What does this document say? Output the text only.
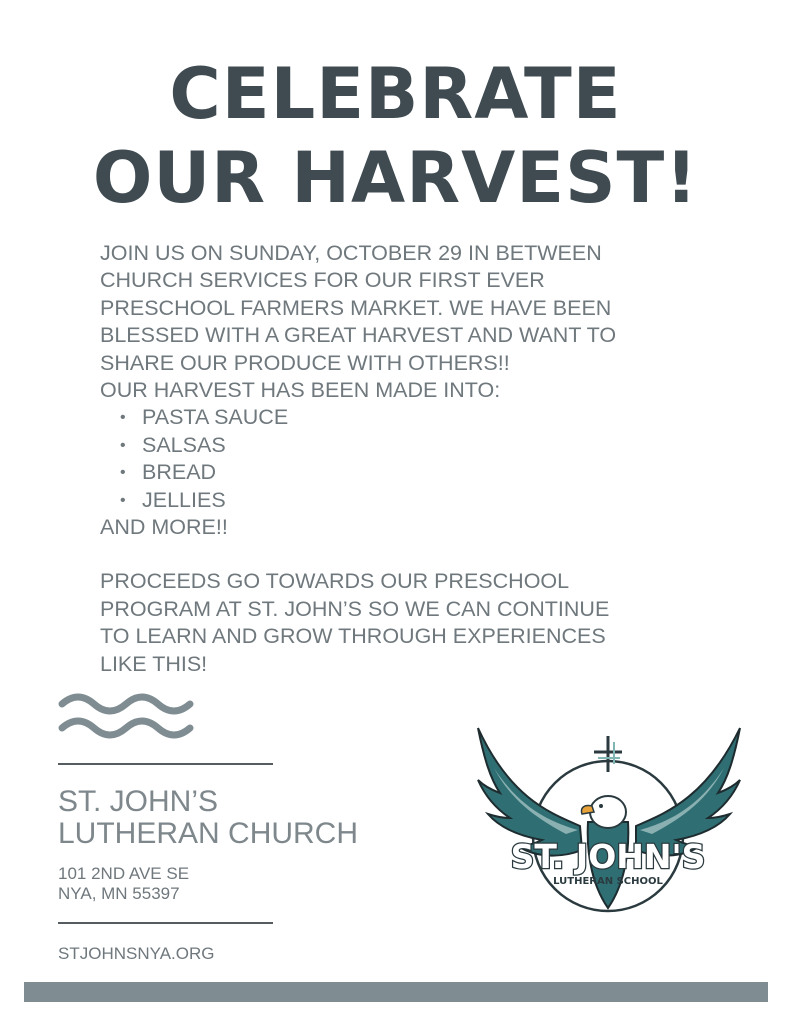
CELEBRATE
OUR HARVEST!

JOIN US ON SUNDAY, OCTOBER 29 IN BETWEEN

CHURCH SERVICES FOR OUR FIRST EVER

PRESCHOOL FARMERS MARKET. WE HAVE BEEN

BLESSED WITH A GREAT HARVEST AND WANT TO

SHARE OUR PRODUCE WITH OTHERS!!

OUR HARVEST HAS BEEN MADE INTO:

• PASTA SAUCE
• SALSAS
• BREAD
• JELLIES

AND MORE!!

PROCEEDS GO TOWARDS OUR PRESCHOOL

PROGRAM AT ST. JOHN’S SO WE CAN CONTINUE

TO LEARN AND GROW THROUGH EXPERIENCES

LIKE THIS!

ST. JOHN’S
LUTHERAN CHURCH
101 2ND AVE SE
NYA, MN 55397
STJOHNSNYA.ORG
ST. JOHN'S
LUTHERAN SCHOOL
